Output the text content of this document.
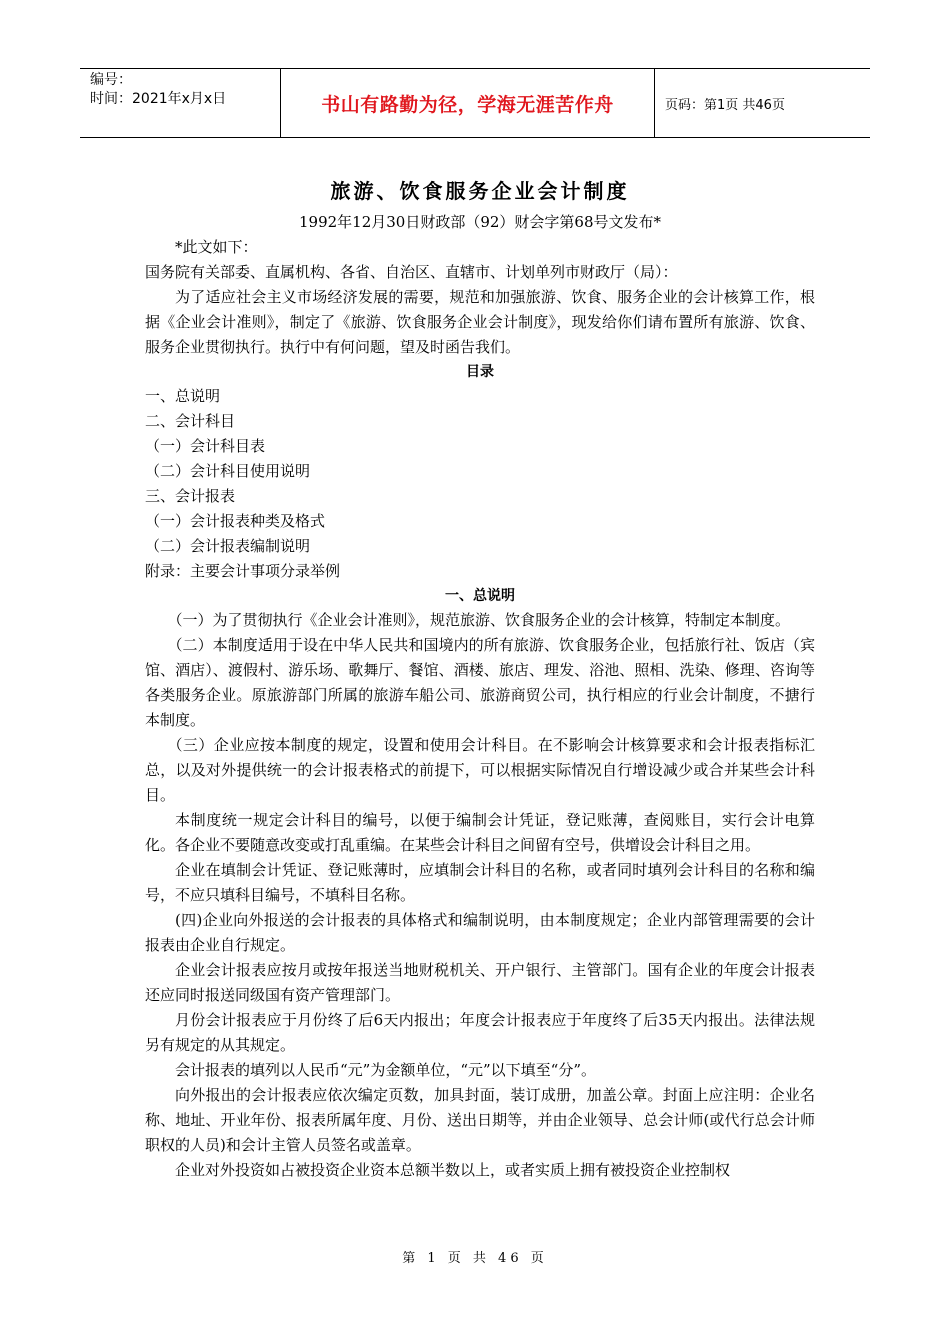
编号：
时间：2021年x月x日	书山有路勤为径，学海无涯苦作舟	页码：第1页 共46页
旅游、饮食服务企业会计制度
1992年12月30日财政部（92）财会字第68号文发布*

*此文如下：

国务院有关部委、直属机构、各省、自治区、直辖市、计划单列市财政厅（局）：

为了适应社会主义市场经济发展的需要，规范和加强旅游、饮食、服务企业的会计核算工作，根据《企业会计准则》，制定了《旅游、饮食服务企业会计制度》，现发给你们请布置所有旅游、饮食、服务企业贯彻执行。执行中有何问题，望及时函告我们。

目录

一、总说明

二、会计科目

（一）会计科目表

（二）会计科目使用说明

三、会计报表

（一）会计报表种类及格式

（二）会计报表编制说明

附录：主要会计事项分录举例

一、总说明

（一）为了贯彻执行《企业会计准则》，规范旅游、饮食服务企业的会计核算，特制定本制度。

（二）本制度适用于设在中华人民共和国境内的所有旅游、饮食服务企业，包括旅行社、饭店（宾馆、酒店）、渡假村、游乐场、歌舞厅、餐馆、酒楼、旅店、理发、浴池、照相、洗染、修理、咨询等各类服务企业。原旅游部门所属的旅游车船公司、旅游商贸公司，执行相应的行业会计制度，不搪行本制度。

（三）企业应按本制度的规定，设置和使用会计科目。在不影响会计核算要求和会计报表指标汇总，以及对外提供统一的会计报表格式的前提下，可以根据实际情况自行增设减少或合并某些会计科目。

本制度统一规定会计科目的编号，以便于编制会计凭证，登记账薄，查阅账目，实行会计电算化。各企业不要随意改变或打乱重编。在某些会计科目之间留有空号，供增设会计科目之用。

企业在填制会计凭证、登记账薄时，应填制会计科目的名称，或者同时填列会计科目的名称和编号，不应只填科目编号，不填科目名称。

(四)企业向外报送的会计报表的具体格式和编制说明，由本制度规定；企业内部管理需要的会计报表由企业自行规定。

企业会计报表应按月或按年报送当地财税机关、开户银行、主管部门。国有企业的年度会计报表还应同时报送同级国有资产管理部门。

月份会计报表应于月份终了后6天内报出；年度会计报表应于年度终了后35天内报出。法律法规另有规定的从其规定。

会计报表的填列以人民币“元”为金额单位，“元”以下填至“分”。

向外报出的会计报表应依次编定页数，加具封面，装订成册，加盖公章。封面上应注明：企业名称、地址、开业年份、报表所属年度、月份、送出日期等，并由企业领导、总会计师(或代行总会计师职权的人员)和会计主管人员签名或盖章。

企业对外投资如占被投资企业资本总额半数以上，或者实质上拥有被投资企业控制权

第 1 页 共 46 页
